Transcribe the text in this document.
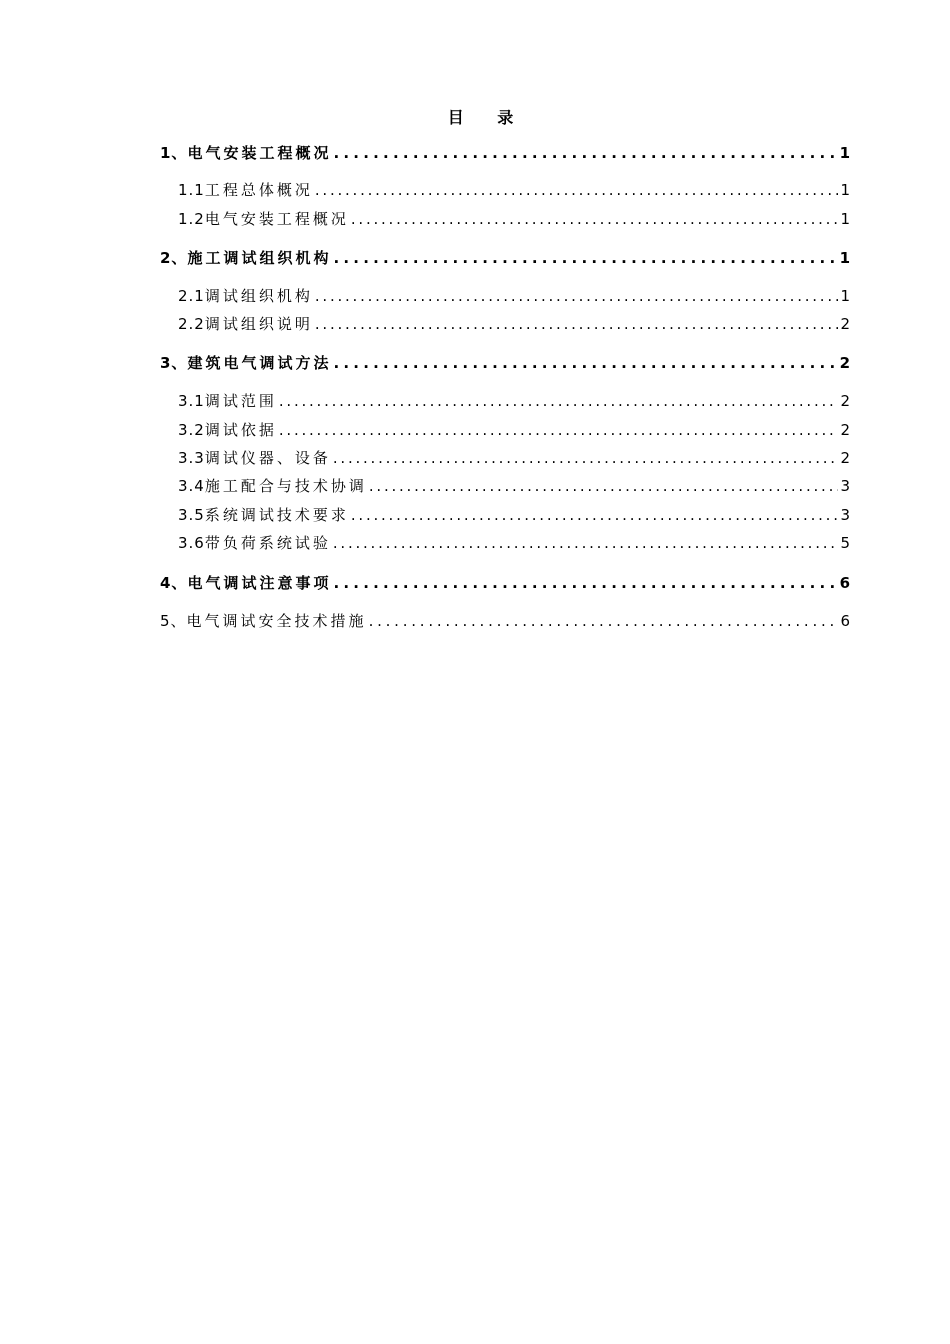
目 录
1、 电气安装工程概况 . . .	1
1.1 工程总体概况 . . .	1
1.2 电气安装工程概况 . . .	1
2、 施工调试组织机构 . . .	1
2.1 调试组织机构 . . .	1
2.2 调试组织说明 . . .	2
3、 建筑电气调试方法 . . .	2
3.1 调试范围 . . .	2
3.2 调试依据 . . .	2
3.3 调试仪器、设备 . . .	2
3.4 施工配合与技术协调 . . .	3
3.5 系统调试技术要求 . . .	3
3.6 带负荷系统试验 . . .	5
4、 电气调试注意事项 . . .	6
5、 电气调试安全技术措施 . . .	6
